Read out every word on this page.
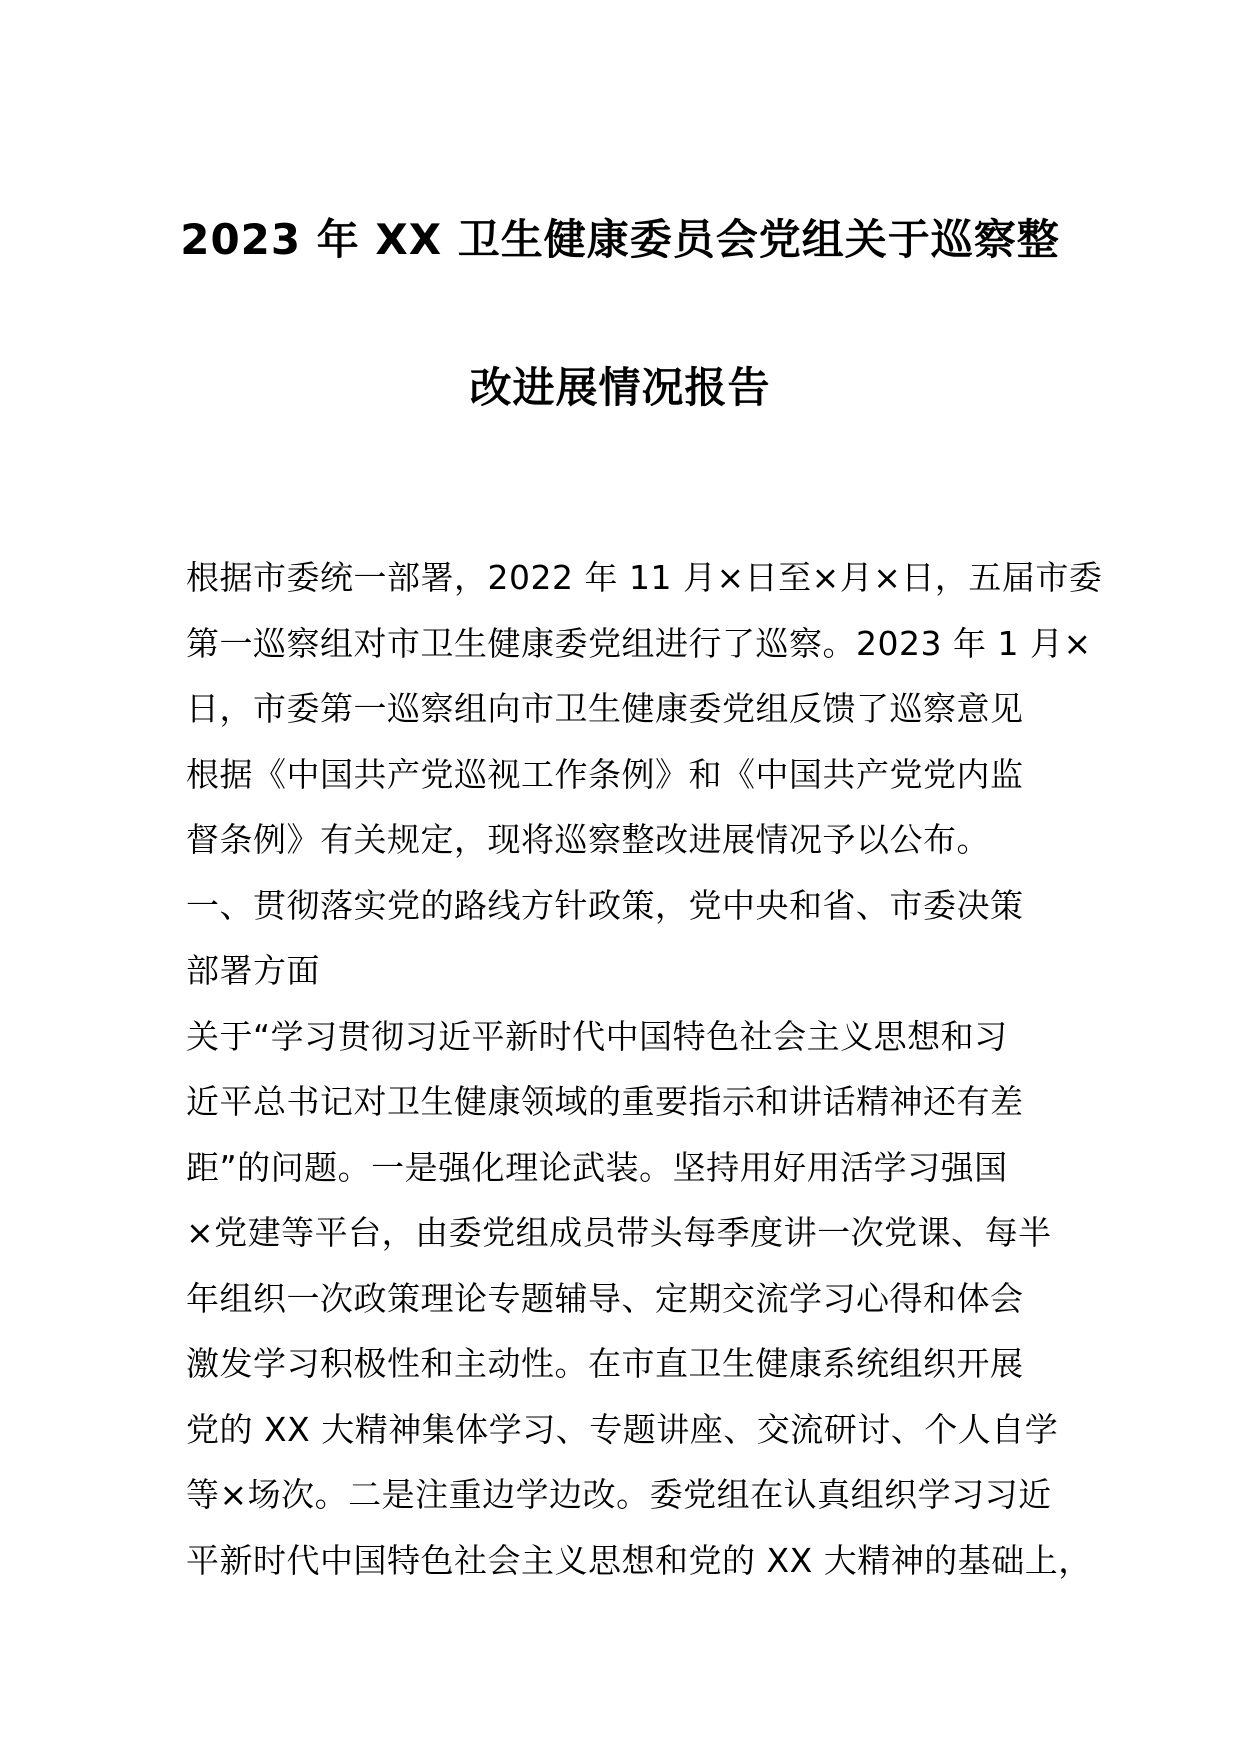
2023 年 XX 卫生健康委员会党组关于巡察整
改进展情况报告
根据市委统一部署，2022 年 11 月×日至×月×日，五届市委
第一巡察组对市卫生健康委党组进行了巡察。2023 年 1 月×
日，市委第一巡察组向市卫生健康委党组反馈了巡察意见
根据《中国共产党巡视工作条例》和《中国共产党党内监
督条例》有关规定，现将巡察整改进展情况予以公布。
一、贯彻落实党的路线方针政策，党中央和省、市委决策
部署方面
关于“学习贯彻习近平新时代中国特色社会主义思想和习
近平总书记对卫生健康领域的重要指示和讲话精神还有差
距”的问题。一是强化理论武装。坚持用好用活学习强国
×党建等平台，由委党组成员带头每季度讲一次党课、每半
年组织一次政策理论专题辅导、定期交流学习心得和体会
激发学习积极性和主动性。在市直卫生健康系统组织开展
党的 XX 大精神集体学习、专题讲座、交流研讨、个人自学
等×场次。二是注重边学边改。委党组在认真组织学习习近
平新时代中国特色社会主义思想和党的 XX 大精神的基础上，
